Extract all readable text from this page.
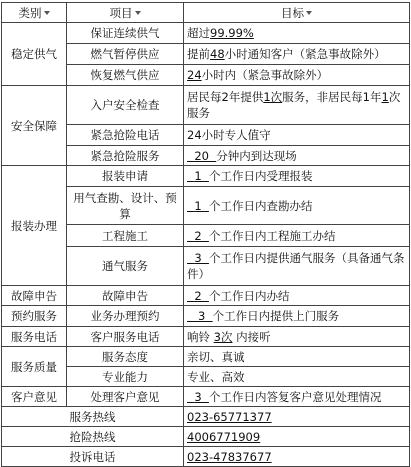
类别	项目	目标
稳定供气	保证连续供气	超过99.99%
	燃气暂停供应	提前48小时通知客户（紧急事故除外）
	恢复燃气供应	24小时内（紧急事故除外）
安全保障	入户安全检查	居民每2年提供1次服务，非居民每1年1次服务
	紧急抢险电话	24小时专人值守
	紧急抢险服务	20  分钟内到达现场
报装办理	报装申请	1  个工作日内受理报装
	用气查勘、设计、预算	1  个工作日内查勘办结
	工程施工	2  个工作日内工程施工办结
	通气服务	3  个工作日内提供通气服务（具备通气条件）
故障申告	故障申告	2  个工作日内办结
预约服务	业务办理预约	3  个工作日内提供上门服务
服务电话	客户服务电话	响铃 3次 内接听
服务质量	服务态度	亲切、真诚
	专业能力	专业、高效
客户意见	处理客户意见	3  个工作日内答复客户意见处理情况
服务热线		023-65771377
抢险热线		4006771909
投诉电话		023-47837677
